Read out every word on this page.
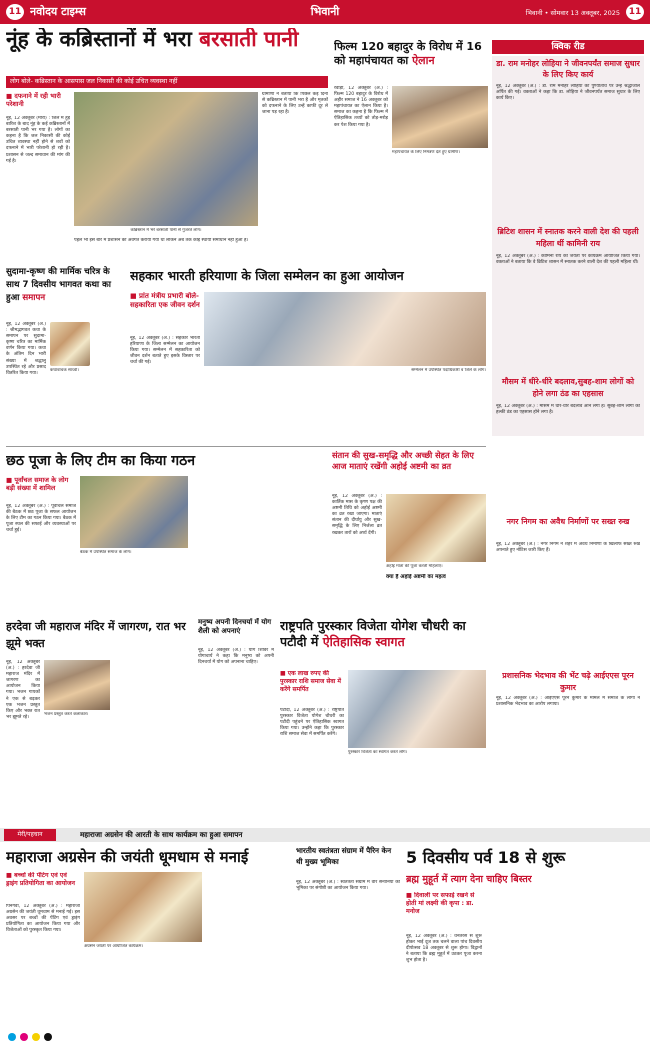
11 नवोदय टाइम्स	भिवानी	भिवानी • सोमवार 13 अक्तूबर, 2025 11
नूंह के कब्रिस्तानों में भरा बरसाती पानी
लोग बोले- कब्रिस्तान के आसपास जल निकासी की कोई उचित व्यवस्था नहीं
■ दफनाने में रही भारी परेशानी
नूंह, 12 अक्तूबर (मोरा) : जिले में हुई बारिश के बाद नूंह के कई कब्रिस्तानों में बरसाती पानी भर गया है। लोगों का कहना है कि जल निकासी की कोई उचित व्यवस्था नहीं होने से शवों को दफनाने में भारी परेशानी हो रही है। प्रशासन से जल्द समाधान की मांग की गई है।
कब्रिस्तान में भरे बरसाती पानी से गुजरते लोग।
ग्रामीणों ने बताया कि पिछले कई दिनों से कब्रिस्तान में पानी भरा है और मृतकों को दफनाने के लिए उन्हें काफी दूर ले जाना पड़ रहा है।
पहले भी इस बारे में प्रशासन को अवगत कराया गया था लेकिन अब तक कोई स्थायी समाधान नहीं हुआ है।
फिल्म 120 बहादुर के विरोध में 16 को महापंचायत का ऐलान
रेवाड़ी, 12 अक्तूबर (अ.) : फिल्म 120 बहादुर के विरोध में अहीर समाज ने 16 अक्तूबर को महापंचायत का ऐलान किया है। समाज का कहना है कि फिल्म में ऐतिहासिक तथ्यों को तोड़-मरोड़ कर पेश किया गया है।
महापंचायत के लिए निमंत्रण देते हुए ग्रामीण।
क्विक रीड
डा. राम मनोहर लोहिया ने जीवनपर्यंत समाज सुधार के लिए किए कार्य
नूंह, 12 अक्तूबर (अ.) : डा. राम मनोहर लोहिया की पुण्यतिथि पर उन्हें श्रद्धांजलि अर्पित की गई। वक्ताओं ने कहा कि डा. लोहिया ने जीवनपर्यंत समाज सुधार के लिए कार्य किए।
ब्रिटिश शासन में स्नातक करने वाली देश की पहली महिला थीं कामिनी राय
नूंह, 12 अक्तूबर (अ.) : कामिनी राय की जयंती पर कार्यक्रम आयोजित किया गया। वक्ताओं ने बताया कि वे ब्रिटिश शासन में स्नातक करने वाली देश की पहली महिला थीं।
मौसम में धीरे-धीरे बदलाव,सुबह-शाम लोगों को होने लगा ठंड का एहसास
नूंह, 12 अक्तूबर (अ.) : मौसम में धीरे-धीरे बदलाव आने लगा है। सुबह-शाम लोगों को हल्की ठंड का एहसास होने लगा है।
सुदामा-कृष्ण की मार्मिक चरित्र के साथ 7 दिवसीय भागवत कथा का हुआ समापन
नूंह, 12 अक्तूबर (अ.) : श्रीमद्भागवत कथा के समापन पर सुदामा-कृष्ण चरित्र का मार्मिक वर्णन किया गया। कथा के अंतिम दिन भारी संख्या में श्रद्धालु उपस्थित रहे और प्रसाद वितरित किया गया।
कथावाचक साध्वी।
सहकार भारती हरियाणा के जिला सम्मेलन का हुआ आयोजन
■ प्रांत मंत्रीय प्रभारी बोले- सहकारिता एक जीवन दर्शन
नूंह, 12 अक्तूबर (अ.) : सहकार भारती हरियाणा के जिला सम्मेलन का आयोजन किया गया। सम्मेलन में सहकारिता को जीवन दर्शन बताते हुए इसके विस्तार पर चर्चा की गई।
सम्मेलन में उपस्थित पदाधिकारी व जिले के लोग।
छठ पूजा के लिए टीम का किया गठन
■ पूर्वांचल समाज के लोग बड़ी संख्या में शामिल
नूंह, 12 अक्तूबर (अ.) : पूर्वांचल समाज की बैठक में छठ पूजा के सफल आयोजन के लिए टीम का गठन किया गया। बैठक में पूजा स्थल की सफाई और व्यवस्थाओं पर चर्चा हुई।
बैठक में उपस्थित समाज के लोग।
संतान की सुख-समृद्धि और अच्छी सेहत के लिए आज माताएं रखेंगी अहोई अष्टमी का व्रत
नूंह, 12 अक्तूबर (अ.) : कार्तिक मास के कृष्ण पक्ष की अष्टमी तिथि को अहोई अष्टमी का व्रत रखा जाएगा। माताएं संतान की दीर्घायु और सुख-समृद्धि के लिए निर्जला व्रत रखकर तारों को अर्घ्य देंगी।
अहोई माता की पूजा करती महिलाएं।
क्या है अहोई अष्टमी का महत्व
नगर निगम का अवैध निर्माणों पर सख्त रुख
नूंह, 12 अक्तूबर (अ.) : नगर निगम ने शहर में अवैध निर्माणों के खिलाफ सख्त रुख अपनाते हुए नोटिस जारी किए हैं।
प्रशासनिक भेदभाव की भेंट चढ़े आईएएस पूरन कुमार
नूंह, 12 अक्तूबर (अ.) : आईएएस पूरन कुमार के मामले में समाज के लोगों ने प्रशासनिक भेदभाव का आरोप लगाया।
हरदेवा जी महाराज मंदिर में जागरण, रात भर झूमे भक्त
नूंह, 12 अक्तूबर (अ.) : हरदेवा जी महाराज मंदिर में जागरण का आयोजन किया गया। भजन गायकों ने एक से बढ़कर एक भजन प्रस्तुत किए और भक्त रात भर झूमते रहे।
भजन प्रस्तुत करते कलाकार।
मनुष्य अपनी दिनचर्या में योग शैली को अपनाएं
नूंह, 12 अक्तूबर (अ.) : योग शिविर में योगाचार्य ने कहा कि मनुष्य को अपनी दिनचर्या में योग को अपनाना चाहिए।
राष्ट्रपति पुरस्कार विजेता योगेश चौधरी का पटौदी में ऐतिहासिक स्वागत
■ एक लाख रुपए की पुरस्कार राशि समाज सेवा में करेंगे समर्पित
पटौदी, 12 अक्तूबर (अ.) : राष्ट्रपति पुरस्कार विजेता योगेश चौधरी का पटौदी पहुंचने पर ऐतिहासिक स्वागत किया गया। उन्होंने कहा कि पुरस्कार राशि समाज सेवा में समर्पित करेंगे।
पुरस्कार विजेता का स्वागत करते लोग।
मेरी/पहचान	महाराजा अग्रसेन की आरती के साथ कार्यक्रम का हुआ समापन
महाराजा अग्रसेन की जयंती धूमधाम से मनाई
■ बच्चों की पेंटिंग एवं एवं ड्राइंग प्रतियोगिता का आयोजन
पिनंगवां, 12 अक्तूबर (अ.) : महाराजा अग्रसेन की जयंती धूमधाम से मनाई गई। इस अवसर पर बच्चों की पेंटिंग एवं ड्राइंग प्रतियोगिता का आयोजन किया गया और विजेताओं को पुरस्कृत किया गया।
अग्रसेन जयंती पर आयोजित कार्यक्रम।
भारतीय स्वतंत्रता संग्राम में पैरिन केन थी मुख्य भूमिका
नूंह, 12 अक्तूबर (अ.) : स्वतंत्रता संग्राम में वीर सेनानियों की भूमिका पर संगोष्ठी का आयोजन किया गया।
5 दिवसीय पर्व 18 से शुरू
ब्रह्म मुहूर्त में त्याग देना चाहिए बिस्तर
■ दिवाली पर सफाई रखने से होती मां लक्ष्मी की कृपा : डा. मनोज
नूंह, 12 अक्तूबर (अ.) : धनतेरस से शुरू होकर भाई दूज तक चलने वाला पांच दिवसीय दीपोत्सव 18 अक्तूबर से शुरू होगा। विद्वानों ने बताया कि ब्रह्म मुहूर्त में उठकर पूजा करना शुभ होता है।
